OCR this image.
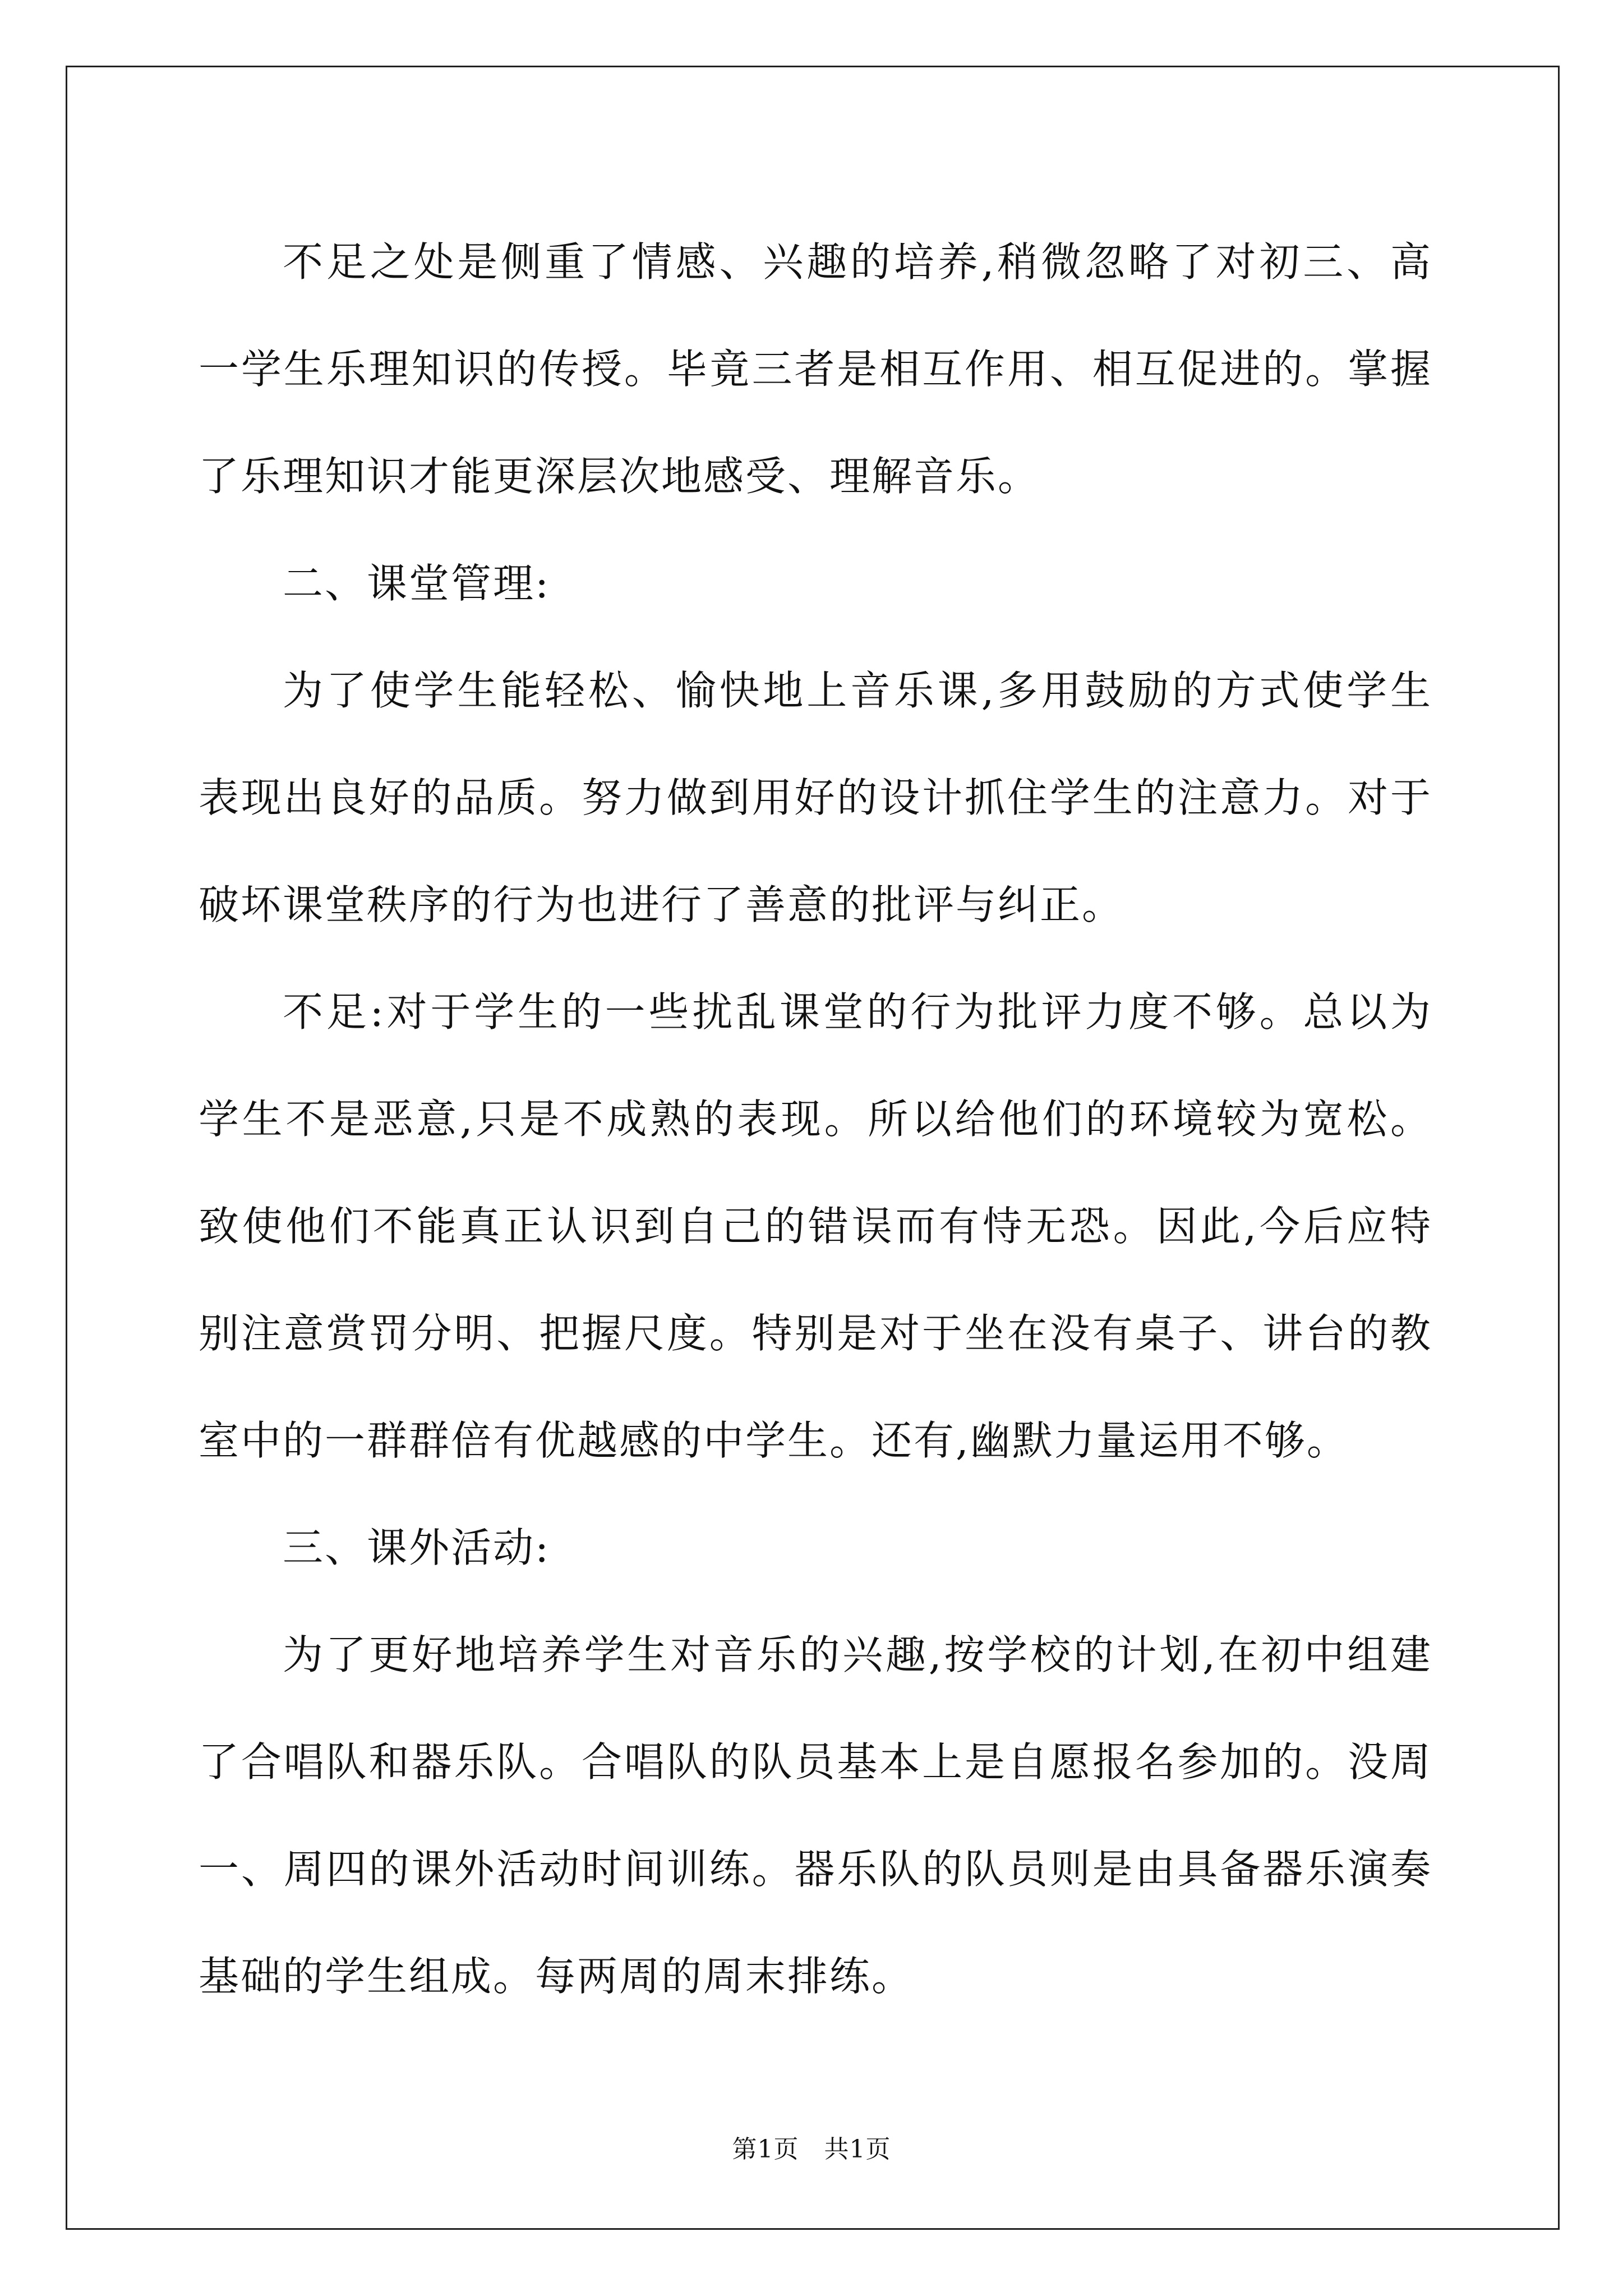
不足之处是侧重了情感、兴趣的培养,稍微忽略了对初三、高一学生乐理知识的传授。毕竟三者是相互作用、相互促进的。掌握了乐理知识才能更深层次地感受、理解音乐。

二、课堂管理:

为了使学生能轻松、愉快地上音乐课,多用鼓励的方式使学生表现出良好的品质。努力做到用好的设计抓住学生的注意力。对于破坏课堂秩序的行为也进行了善意的批评与纠正。

不足:对于学生的一些扰乱课堂的行为批评力度不够。总以为学生不是恶意,只是不成熟的表现。所以给他们的环境较为宽松。致使他们不能真正认识到自己的错误而有恃无恐。因此,今后应特别注意赏罚分明、把握尺度。特别是对于坐在没有桌子、讲台的教室中的一群群倍有优越感的中学生。还有,幽默力量运用不够。

三、课外活动:

为了更好地培养学生对音乐的兴趣,按学校的计划,在初中组建了合唱队和器乐队。合唱队的队员基本上是自愿报名参加的。没周一、周四的课外活动时间训练。器乐队的队员则是由具备器乐演奏基础的学生组成。每两周的周末排练。

第1页　共1页
